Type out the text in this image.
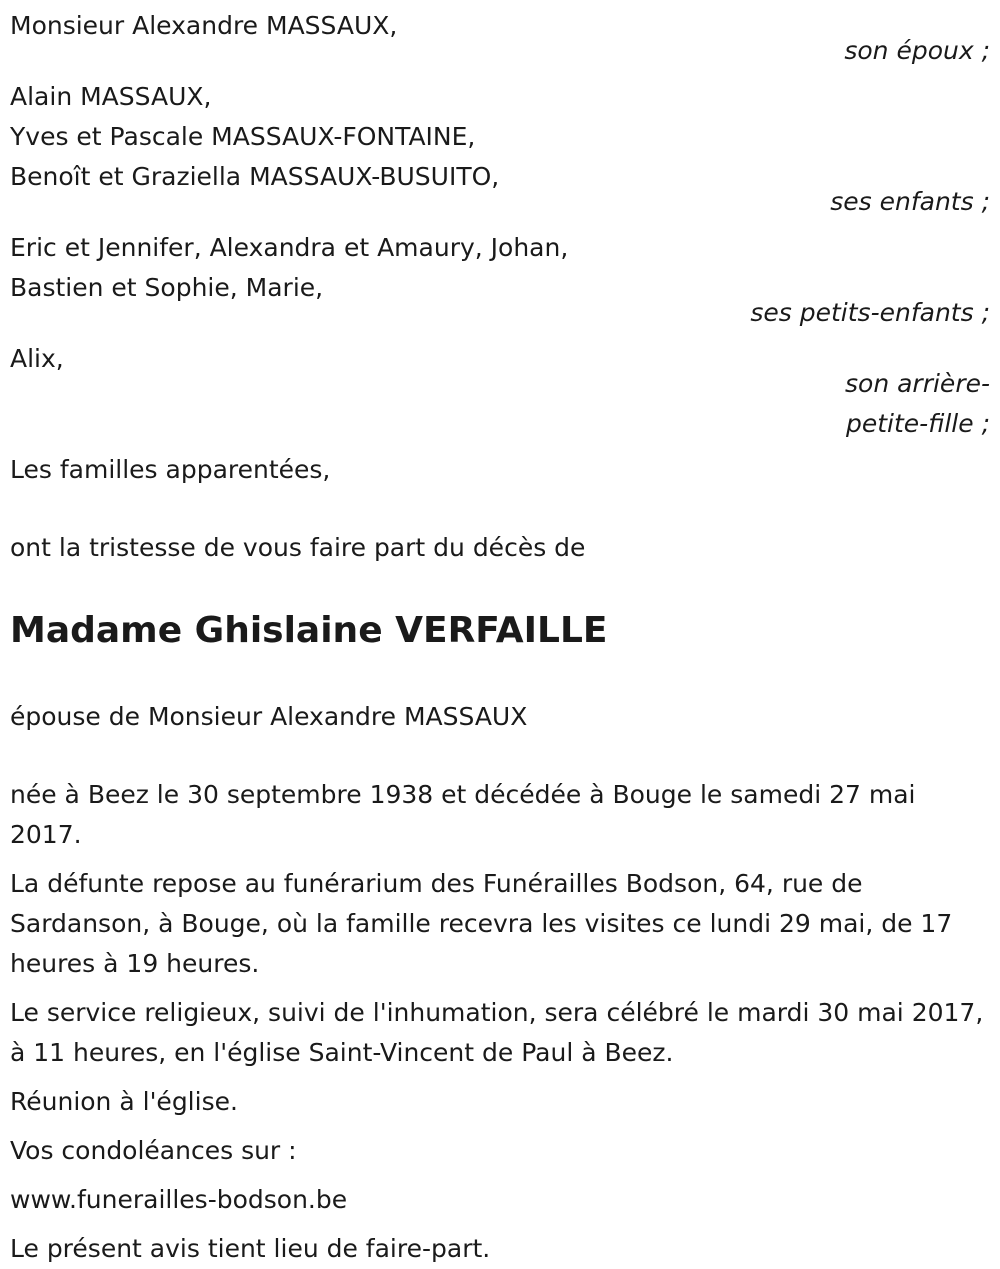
Monsieur Alexandre MASSAUX,

son époux ;

Alain MASSAUX,

Yves et Pascale MASSAUX-FONTAINE,

Benoît et Graziella MASSAUX-BUSUITO,

ses enfants ;

Eric et Jennifer, Alexandra et Amaury, Johan,

Bastien et Sophie, Marie,

ses petits-enfants ;

Alix,

son arrière-

petite-fille ;

Les familles apparentées,

ont la tristesse de vous faire part du décès de

Madame Ghislaine VERFAILLE

épouse de Monsieur Alexandre MASSAUX

née à Beez le 30 septembre 1938 et décédée à Bouge le samedi 27 mai 2017.

La défunte repose au funérarium des Funérailles Bodson, 64, rue de Sardanson, à Bouge, où la famille recevra les visites ce lundi 29 mai, de 17 heures à 19 heures.

Le service religieux, suivi de l'inhumation, sera célébré le mardi 30 mai 2017, à 11 heures, en l'église Saint-Vincent de Paul à Beez.

Réunion à l'église.

Vos condoléances sur :

www.funerailles-bodson.be

Le présent avis tient lieu de faire-part.
